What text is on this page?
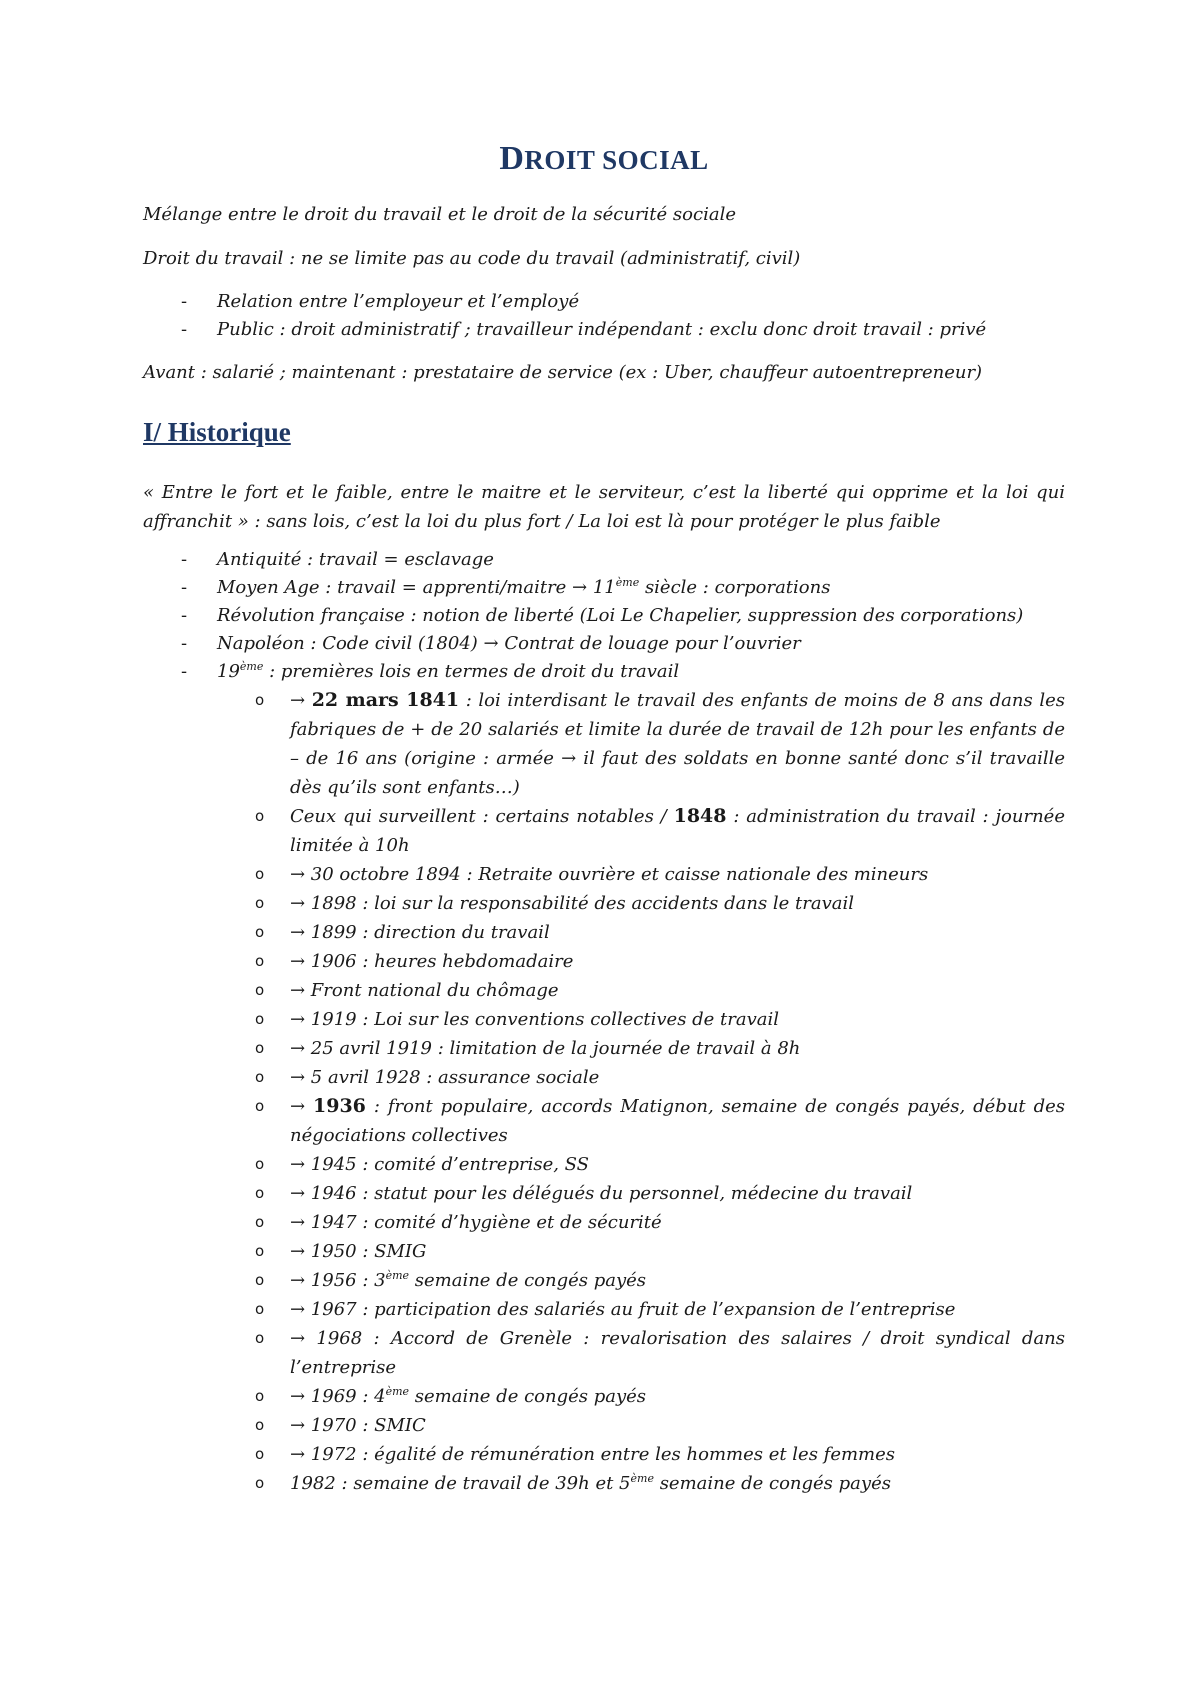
DROIT SOCIAL

Mélange entre le droit du travail et le droit de la sécurité sociale

Droit du travail : ne se limite pas au code du travail (administratif, civil)

- Relation entre l’employeur et l’employé
- Public : droit administratif ; travailleur indépendant : exclu donc droit travail : privé

Avant : salarié ; maintenant : prestataire de service (ex : Uber, chauffeur autoentrepreneur)

I/ Historique

« Entre le fort et le faible, entre le maitre et le serviteur, c’est la liberté qui opprime et la loi qui affranchit » : sans lois, c’est la loi du plus fort / La loi est là pour protéger le plus faible

- Antiquité : travail = esclavage
- Moyen Age : travail = apprenti/maitre → 11ème siècle : corporations
- Révolution française : notion de liberté (Loi Le Chapelier, suppression des corporations)
- Napoléon : Code civil (1804) → Contrat de louage pour l’ouvrier
- 19ème : premières lois en termes de droit du travail
o → 22 mars 1841 : loi interdisant le travail des enfants de moins de 8 ans dans les fabriques de + de 20 salariés et limite la durée de travail de 12h pour les enfants de – de 16 ans (origine : armée → il faut des soldats en bonne santé donc s’il travaille dès qu’ils sont enfants…)
o Ceux qui surveillent : certains notables / 1848 : administration du travail : journée limitée à 10h
o → 30 octobre 1894 : Retraite ouvrière et caisse nationale des mineurs
o → 1898 : loi sur la responsabilité des accidents dans le travail
o → 1899 : direction du travail
o → 1906 : heures hebdomadaire
o → Front national du chômage
o → 1919 : Loi sur les conventions collectives de travail
o → 25 avril 1919 : limitation de la journée de travail à 8h
o → 5 avril 1928 : assurance sociale
o → 1936 : front populaire, accords Matignon, semaine de congés payés, début des négociations collectives
o → 1945 : comité d’entreprise, SS
o → 1946 : statut pour les délégués du personnel, médecine du travail
o → 1947 : comité d’hygiène et de sécurité
o → 1950 : SMIG
o → 1956 : 3ème semaine de congés payés
o → 1967 : participation des salariés au fruit de l’expansion de l’entreprise
o → 1968 : Accord de Grenèle : revalorisation des salaires / droit syndical dans l’entreprise
o → 1969 : 4ème semaine de congés payés
o → 1970 : SMIC
o → 1972 : égalité de rémunération entre les hommes et les femmes
o 1982 : semaine de travail de 39h et 5ème semaine de congés payés
